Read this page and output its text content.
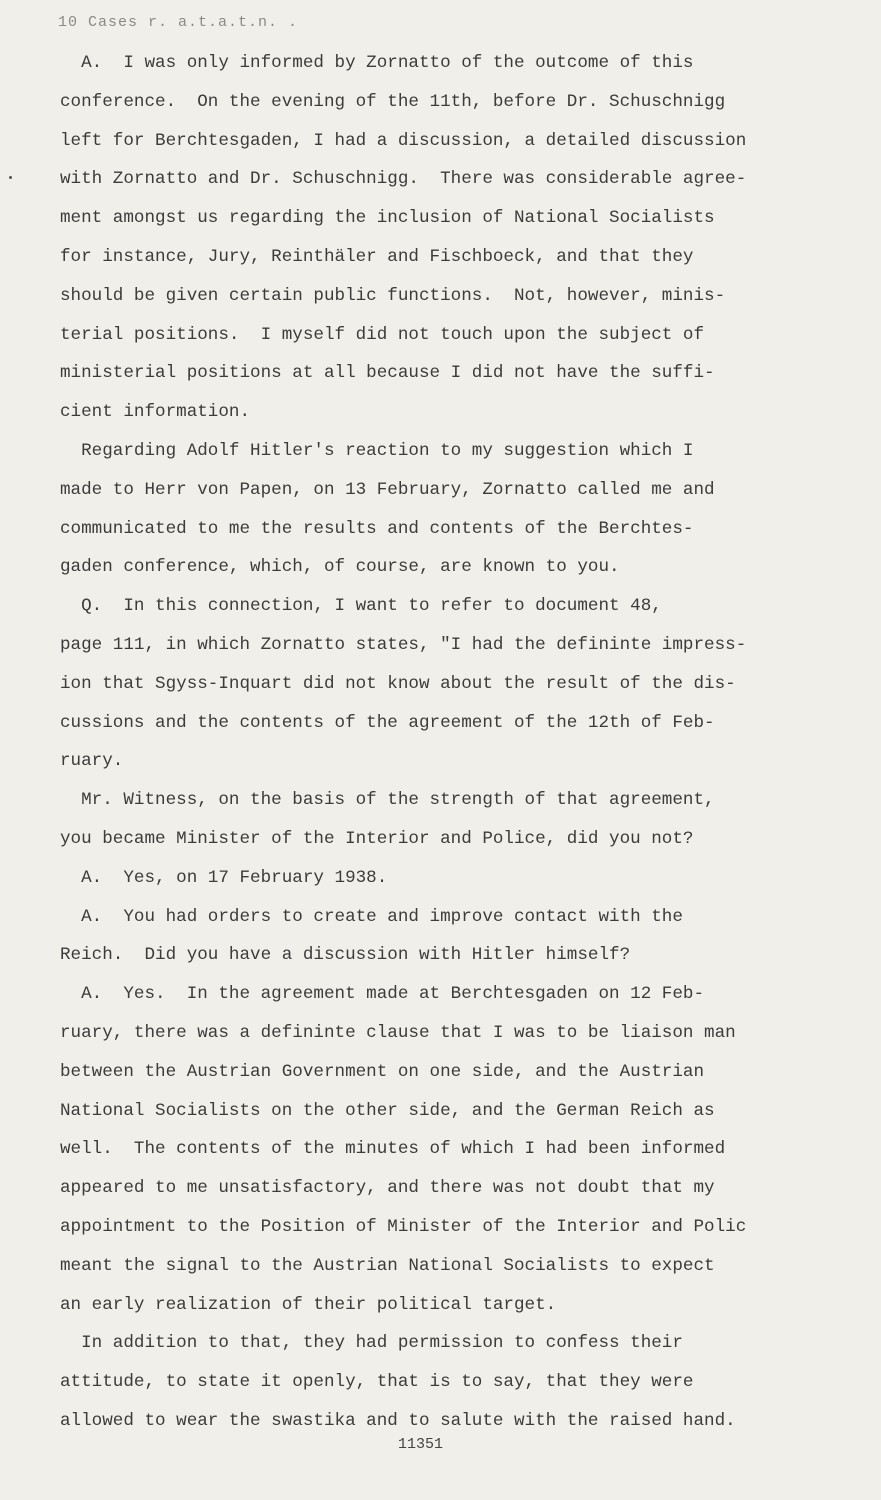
10 Cases r. a.t.a.t.n. .
A.  I was only informed by Zornatto of the outcome of this
conference.  On the evening of the 11th, before Dr. Schuschnigg
left for Berchtesgaden, I had a discussion, a detailed discussion
with Zornatto and Dr. Schuschnigg.  There was considerable agree-
ment amongst us regarding the inclusion of National Socialists
for instance, Jury, Reinthäler and Fischboeck, and that they
should be given certain public functions.  Not, however, minis-
terial positions.  I myself did not touch upon the subject of
ministerial positions at all because I did not have the suffi-
cient information.
Regarding Adolf Hitler's reaction to my suggestion which I
made to Herr von Papen, on 13 February, Zornatto called me and
communicated to me the results and contents of the Berchtes-
gaden conference, which, of course, are known to you.
Q.  In this connection, I want to refer to document 48,
page 111, in which Zornatto states, "I had the defininte impress-
ion that Sgyss-Inquart did not know about the result of the dis-
cussions and the contents of the agreement of the 12th of Feb-
ruary.
Mr. Witness, on the basis of the strength of that agreement,
you became Minister of the Interior and Police, did you not?
A.  Yes, on 17 February 1938.
A.  You had orders to create and improve contact with the
Reich.  Did you have a discussion with Hitler himself?
A.  Yes.  In the agreement made at Berchtesgaden on 12 Feb-
ruary, there was a defininte clause that I was to be liaison man
between the Austrian Government on one side, and the Austrian
National Socialists on the other side, and the German Reich as
well.  The contents of the minutes of which I had been informed
appeared to me unsatisfactory, and there was not doubt that my
appointment to the Position of Minister of the Interior and Polic
meant the signal to the Austrian National Socialists to expect
an early realization of their political target.
In addition to that, they had permission to confess their
attitude, to state it openly, that is to say, that they were
allowed to wear the swastika and to salute with the raised hand.
11351
